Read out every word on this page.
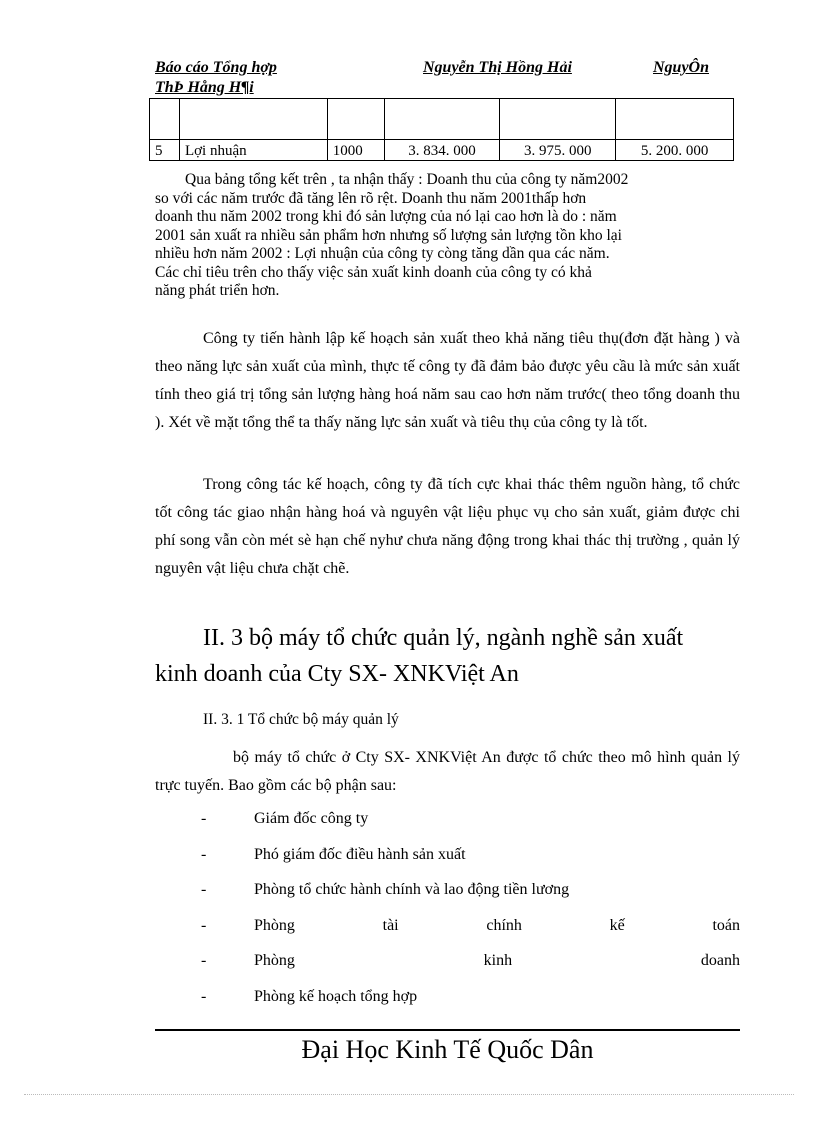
Báo cáo Tổng hợp	Nguyễn Thị Hồng Hải	NguyÔn
ThÞ Hång H¶i

5	Lợi nhuận	1000	3. 834. 000	3. 975. 000	5. 200. 000
Qua bảng tổng kết trên , ta nhận thấy : Doanh thu của công ty năm2002
so với các năm trước đã tăng lên rõ rệt. Doanh thu năm 2001thấp hơn
doanh thu năm 2002 trong khi đó sản lượng của nó lại cao hơn là do : năm
2001 sản xuất ra nhiều sản phẩm hơn nhưng số lượng sản lượng tồn kho lại
nhiều hơn năm 2002 : Lợi nhuận của công ty còng tăng dần qua các năm.
Các chỉ tiêu trên cho thấy việc sản xuất kinh doanh của công ty có khả
năng phát triển hơn.

Công ty tiến hành lập kế hoạch sản xuất theo khả năng tiêu thụ(đơn đặt hàng ) và theo năng lực sản xuất của mình, thực tế công ty đã đảm bảo được yêu cầu là mức sản xuất tính theo giá trị tổng sản lượng hàng hoá năm sau cao hơn năm trước( theo tổng doanh thu ). Xét về mặt tổng thể ta thấy năng lực sản xuất và tiêu thụ của công ty là tốt.

Trong công tác kế hoạch, công ty đã tích cực khai thác thêm nguồn hàng, tổ chức tốt công tác giao nhận hàng hoá và nguyên vật liệu phục vụ cho sản xuất, giảm được chi phí song vẫn còn mét sè hạn chế nyhư chưa năng động trong khai thác thị trường , quản lý nguyên vật liệu chưa chặt chẽ.

II. 3 bộ máy tổ chức quản lý, ngành nghề sản xuất
kinh doanh của Cty SX- XNKViệt An
II. 3. 1 Tổ chức bộ máy quản lý

bộ máy tổ chức ở Cty SX- XNKViệt An được tổ chức theo mô hình quản lý trực tuyến. Bao gồm các bộ phận sau:

-	Giám đốc công ty
-	Phó giám đốc điều hành sản xuất
-	Phòng tổ chức hành chính và lao động tiền lương
-	Phòng	tài	chính	kế	toán
-	Phòng	kinh	doanh
-	Phòng kế hoạch tổng hợp
Đại Học Kinh Tế Quốc Dân
